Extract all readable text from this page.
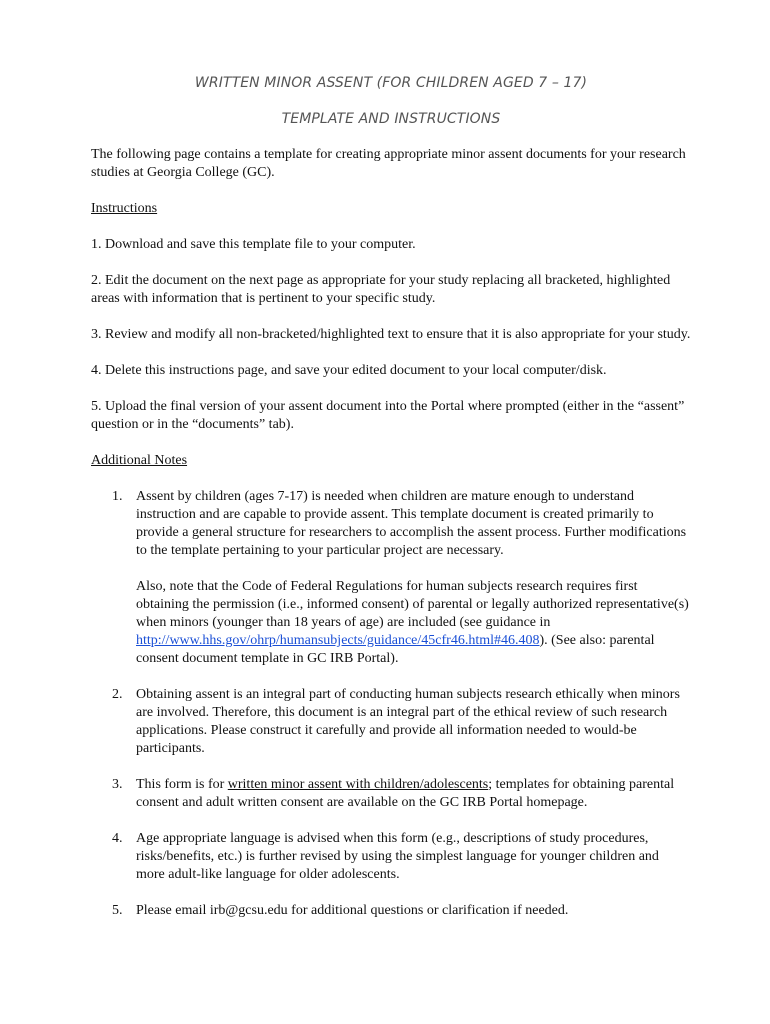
WRITTEN MINOR ASSENT (FOR CHILDREN AGED 7 – 17)
TEMPLATE AND INSTRUCTIONS

The following page contains a template for creating appropriate minor assent documents for your research studies at Georgia College (GC).

Instructions

1. Download and save this template file to your computer.

2. Edit the document on the next page as appropriate for your study replacing all bracketed, highlighted areas with information that is pertinent to your specific study.

3. Review and modify all non-bracketed/highlighted text to ensure that it is also appropriate for your study.

4. Delete this instructions page, and save your edited document to your local computer/disk.

5. Upload the final version of your assent document into the Portal where prompted (either in the “assent” question or in the “documents” tab).

Additional Notes

1. Assent by children (ages 7-17) is needed when children are mature enough to understand instruction and are capable to provide assent. This template document is created primarily to provide a general structure for researchers to accomplish the assent process. Further modifications to the template pertaining to your particular project are necessary.

Also, note that the Code of Federal Regulations for human subjects research requires first obtaining the permission (i.e., informed consent) of parental or legally authorized representative(s) when minors (younger than 18 years of age) are included (see guidance in http://www.hhs.gov/ohrp/humansubjects/guidance/45cfr46.html#46.408). (See also: parental consent document template in GC IRB Portal).

2. Obtaining assent is an integral part of conducting human subjects research ethically when minors are involved. Therefore, this document is an integral part of the ethical review of such research applications. Please construct it carefully and provide all information needed to would-be participants.

3. This form is for written minor assent with children/adolescents; templates for obtaining parental consent and adult written consent are available on the GC IRB Portal homepage.

4. Age appropriate language is advised when this form (e.g., descriptions of study procedures, risks/benefits, etc.) is further revised by using the simplest language for younger children and more adult-like language for older adolescents.

5. Please email irb@gcsu.edu for additional questions or clarification if needed.
